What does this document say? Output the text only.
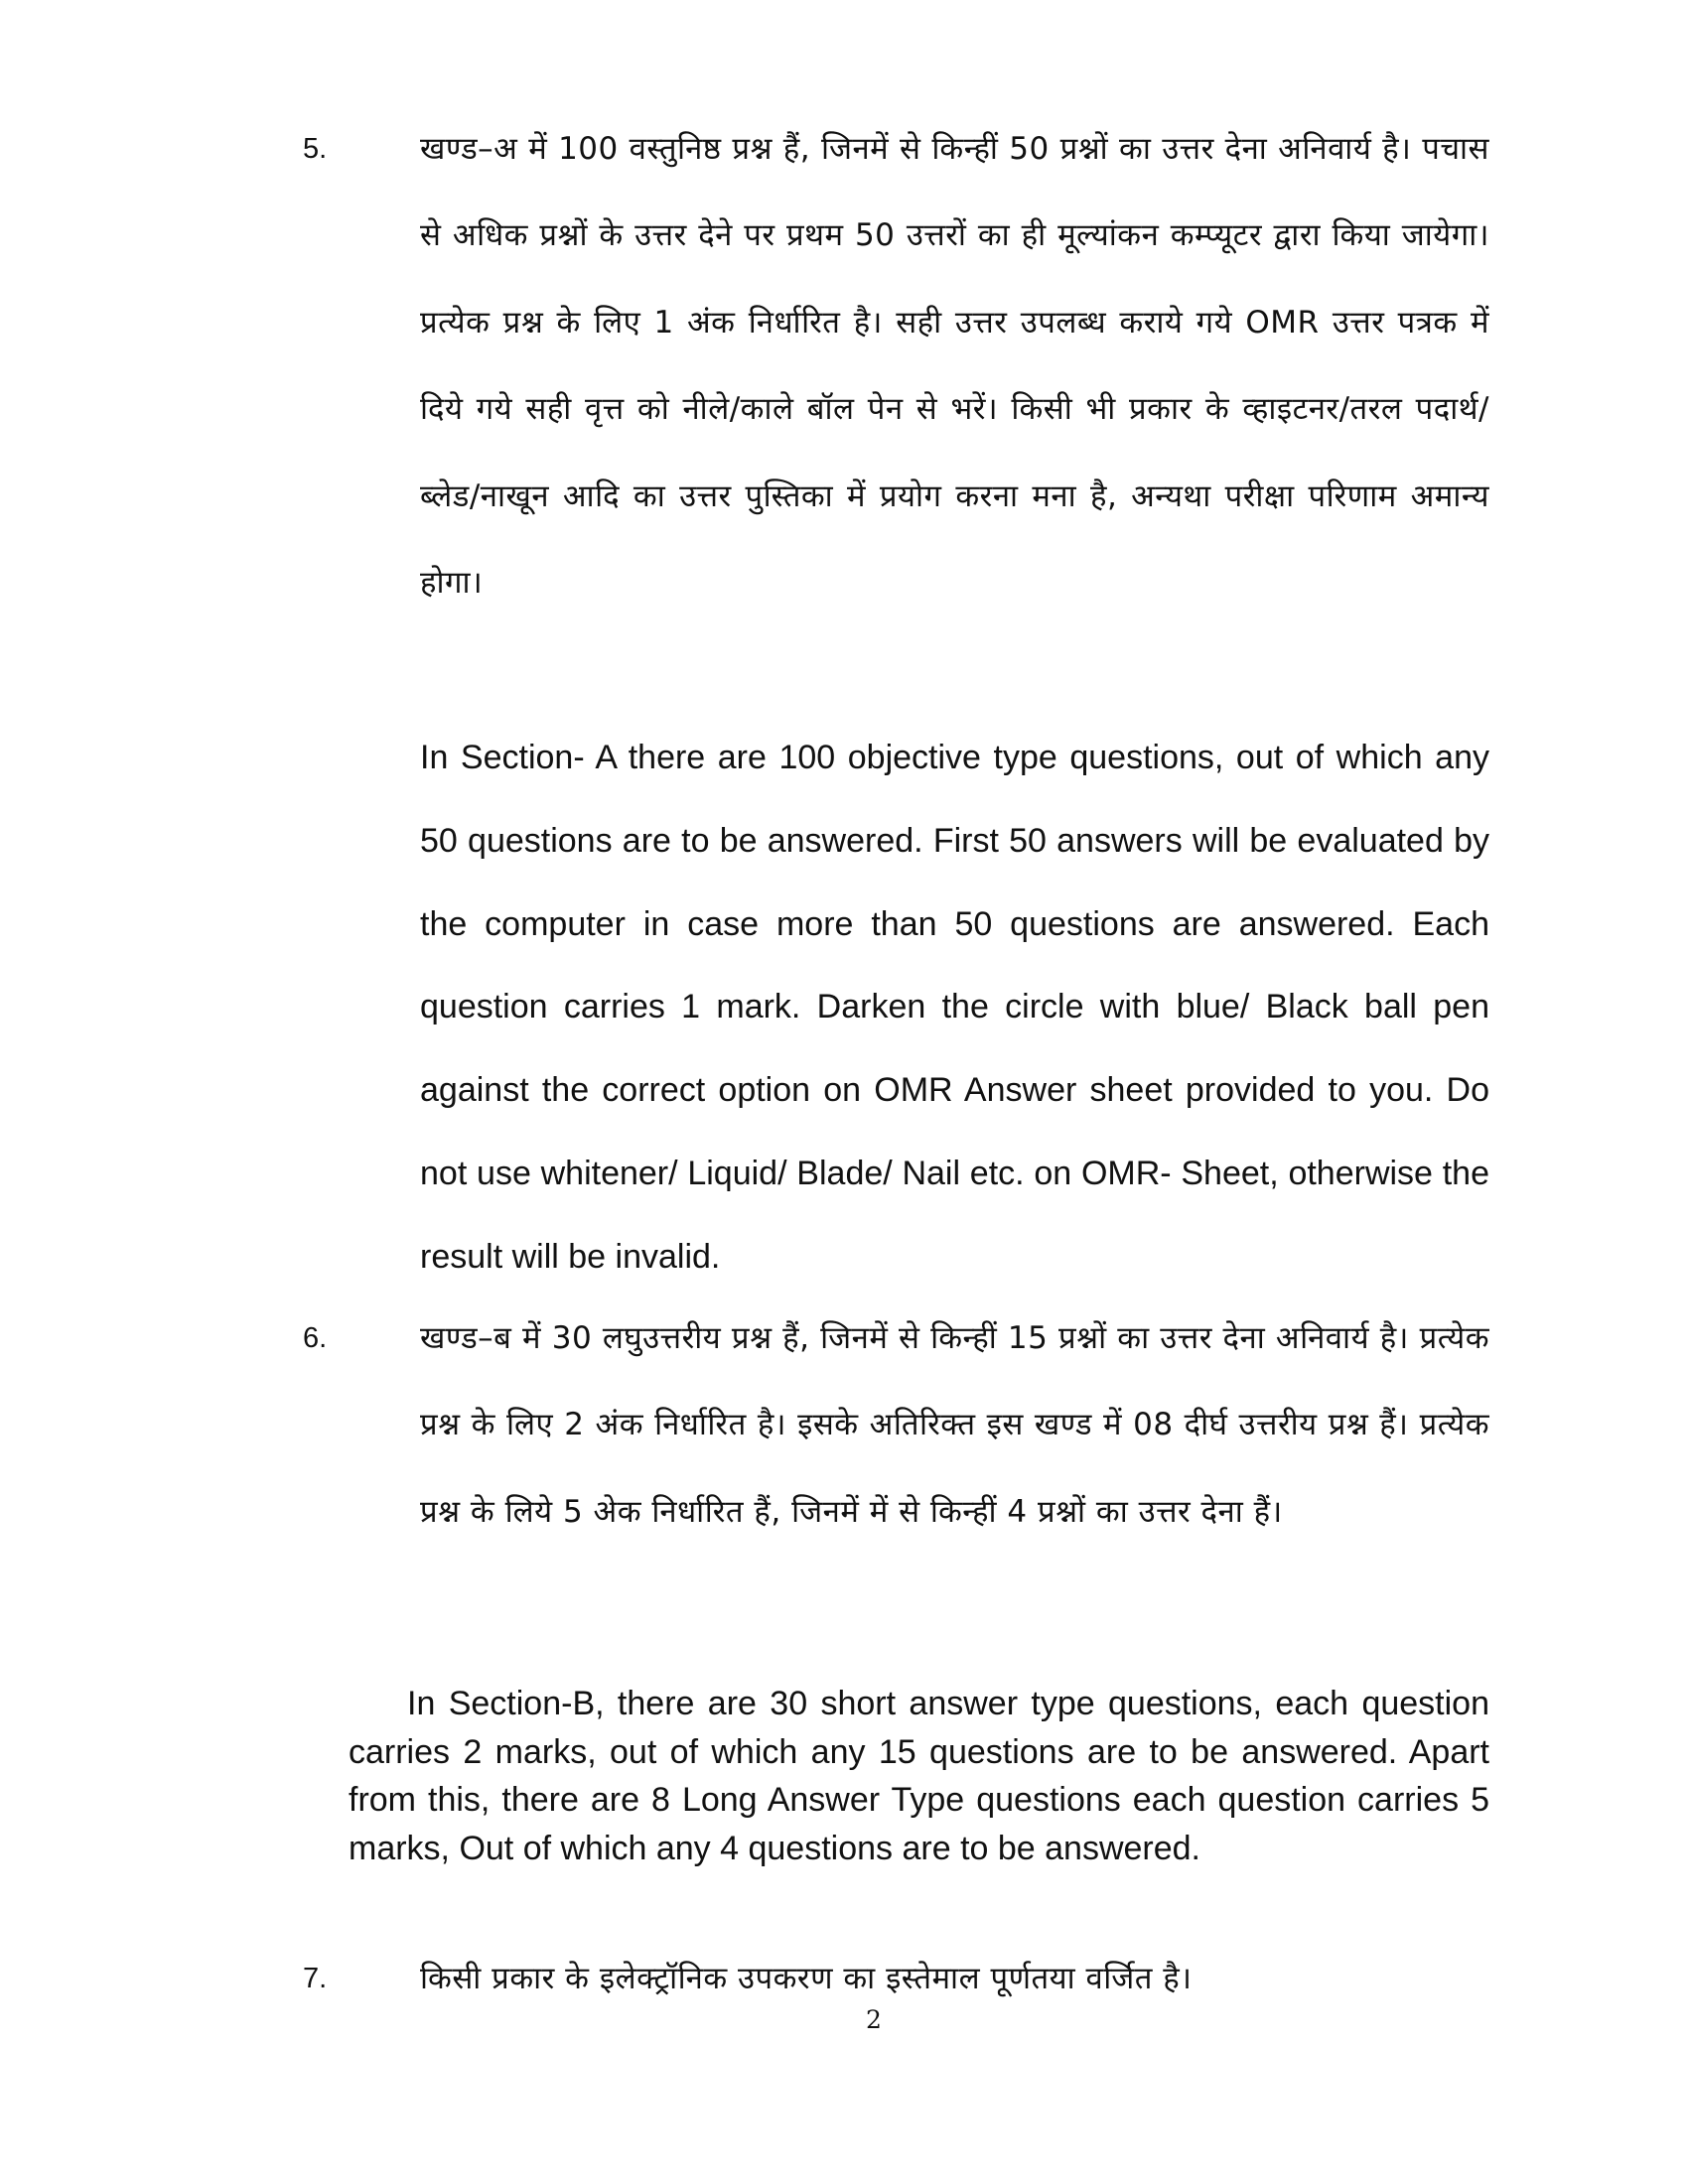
5.	खण्ड–अ में 100 वस्तुनिष्ठ प्रश्न हैं, जिनमें से किन्हीं 50 प्रश्नों का उत्तर देना अनिवार्य है। पचास से अधिक प्रश्नों के उत्तर देने पर प्रथम 50 उत्तरों का ही मूल्यांकन कम्प्यूटर द्वारा किया जायेगा। प्रत्येक प्रश्न के लिए 1 अंक निर्धारित है। सही उत्तर उपलब्ध कराये गये OMR उत्तर पत्रक में दिये गये सही वृत्त को नीले/काले बॉल पेन से भरें। किसी भी प्रकार के व्हाइटनर/तरल पदार्थ/ब्लेड/नाखून आदि का उत्तर पुस्तिका में प्रयोग करना मना है, अन्यथा परीक्षा परिणाम अमान्य होगा।

In Section- A there are 100 objective type questions, out of which any 50 questions are to be answered. First 50 answers will be evaluated by the computer in case more than 50 questions are answered. Each question carries 1 mark. Darken the circle with blue/ Black ball pen against the correct option on OMR Answer sheet provided to you. Do not use whitener/ Liquid/ Blade/ Nail etc. on OMR- Sheet, otherwise the result will be invalid.

6.	खण्ड–ब में 30 लघुउत्तरीय प्रश्न हैं, जिनमें से किन्हीं 15 प्रश्नों का उत्तर देना अनिवार्य है। प्रत्येक प्रश्न के लिए 2 अंक निर्धारित है। इसके अतिरिक्त इस खण्ड में 08 दीर्घ उत्तरीय प्रश्न हैं। प्रत्येक प्रश्न के लिये 5 अेक निर्धारित हैं, जिनमें में से किन्हीं 4 प्रश्नों का उत्तर देना हैं।

In Section-B, there are 30 short answer type questions, each question carries 2 marks, out of which any 15 questions are to be answered. Apart from this, there are 8 Long Answer Type questions each question carries 5 marks, Out of which any 4 questions are to be answered.

7.	किसी प्रकार के इलेक्ट्रॉनिक उपकरण का इस्तेमाल पूर्णतया वर्जित है।

2
